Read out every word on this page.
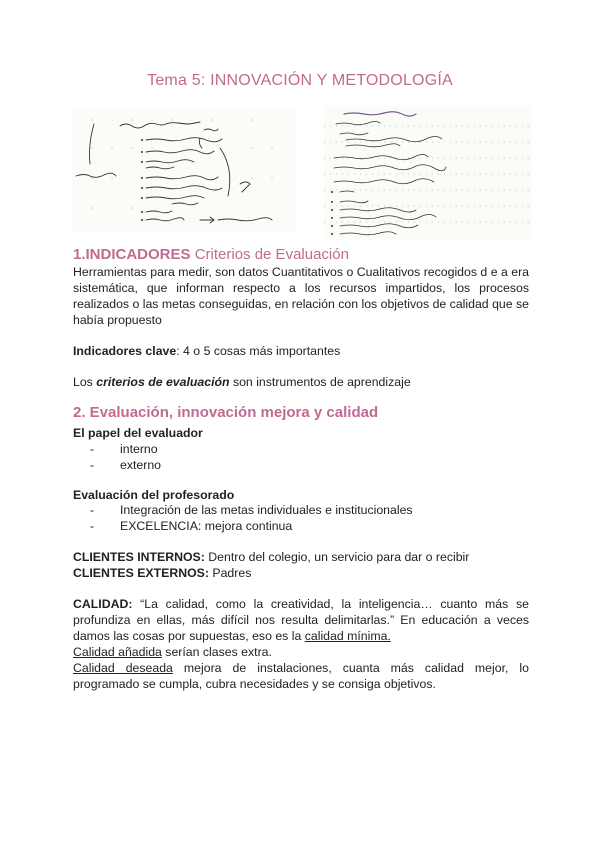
Tema 5: INNOVACIÓN Y METODOLOGÍA
1.INDICADORES Criterios de Evaluación
Herramientas para medir, son datos Cuantitativos o Cualitativos recogidos d e a era sistemática, que informan respecto a los recursos impartidos, los procesos realizados o las metas conseguidas, en relación con los objetivos de calidad que se había propuesto
Indicadores clave: 4 o 5 cosas más importantes
Los criterios de evaluación son instrumentos de aprendizaje
2. Evaluación, innovación mejora y calidad
El papel del evaluador
- interno
- externo
Evaluación del profesorado
- Integración de las metas individuales e institucionales
- EXCELENCIA: mejora continua
CLIENTES INTERNOS: Dentro del colegio, un servicio para dar o recibir
CLIENTES EXTERNOS: Padres
CALIDAD: “La calidad, como la creatividad, la inteligencia… cuanto más se profundiza en ellas, más difícil nos resulta delimitarlas.” En educación a veces damos las cosas por supuestas, eso es la calidad mínima.
Calidad añadida serían clases extra.
Calidad deseada mejora de instalaciones, cuanta más calidad mejor, lo programado se cumpla, cubra necesidades y se consiga objetivos.
